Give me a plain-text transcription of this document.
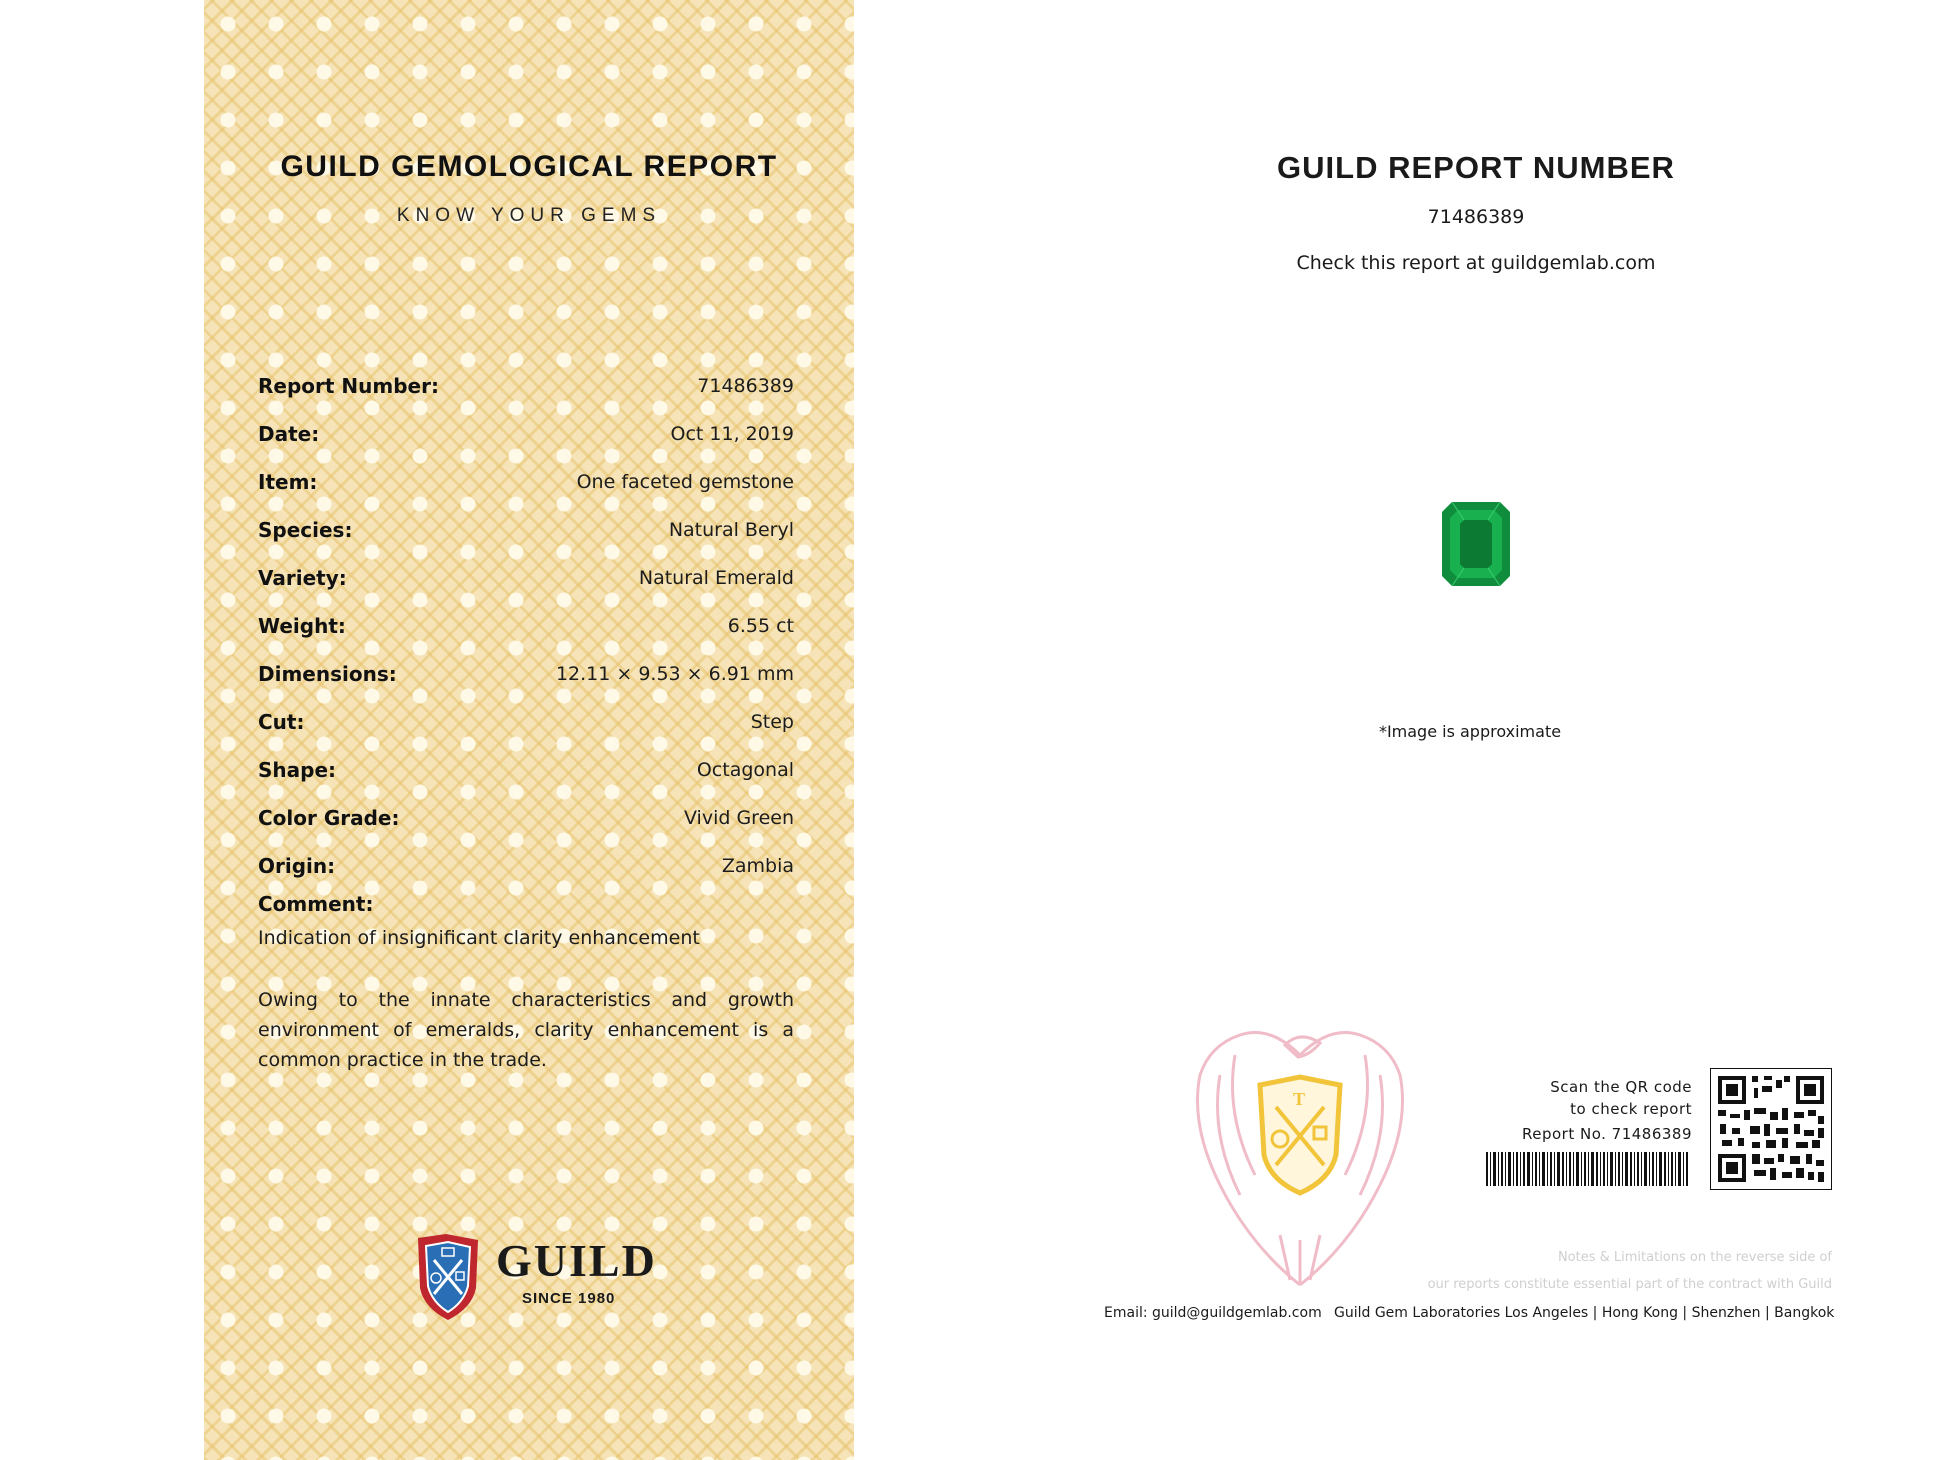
GUILD GEMOLOGICAL REPORT
KNOW YOUR GEMS
Report Number:	71486389
Date:	Oct 11, 2019
Item:	One faceted gemstone
Species:	Natural Beryl
Variety:	Natural Emerald
Weight:	6.55 ct
Dimensions:	12.11 × 9.53 × 6.91 mm
Cut:	Step
Shape:	Octagonal
Color Grade:	Vivid Green
Origin:	Zambia
Comment:
Indication of insignificant clarity enhancement
Owing to the innate characteristics and growth environment of emeralds, clarity enhancement is a common practice in the trade.
GUILD
SINCE 1980
GUILD REPORT NUMBER
71486389
Check this report at guildgemlab.com
*Image is approximate
T
Scan the QR code
to check report
Report No. 71486389
Notes & Limitations on the reverse side of
our reports constitute essential part of the contract with Guild
Email: guild@guildgemlab.com Guild Gem Laboratories Los Angeles | Hong Kong | Shenzhen | Bangkok
